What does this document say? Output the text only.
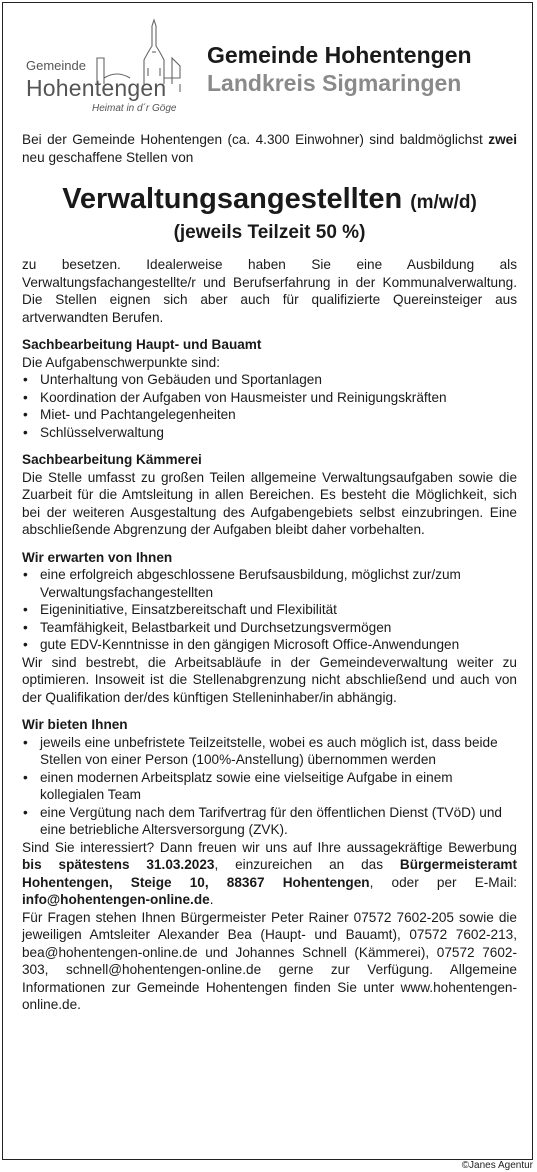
Gemeinde
Hohentengen
Heimat in d´r Göge
Gemeinde Hohentengen
Landkreis Sigmaringen

Bei der Gemeinde Hohentengen (ca. 4.300 Einwohner) sind baldmöglichst zwei neu geschaffene Stellen von

Verwaltungsangestellten (m/w/d)
(jeweils Teilzeit 50 %)

zu besetzen. Idealerweise haben Sie eine Ausbildung als Verwaltungsfachangestellte/r und Berufserfahrung in der Kommunalverwaltung. Die Stellen eignen sich aber auch für qualifizierte Quereinsteiger aus artverwandten Berufen.

Sachbearbeitung Haupt- und Bauamt

Die Aufgabenschwerpunkte sind:

• Unterhaltung von Gebäuden und Sportanlagen
• Koordination der Aufgaben von Hausmeister und Reinigungskräften
• Miet- und Pachtangelegenheiten
• Schlüsselverwaltung
Sachbearbeitung Kämmerei

Die Stelle umfasst zu großen Teilen allgemeine Verwaltungsaufgaben sowie die Zuarbeit für die Amtsleitung in allen Bereichen. Es besteht die Möglichkeit, sich bei der weiteren Ausgestaltung des Aufgabengebiets selbst einzubringen. Eine abschließende Abgrenzung der Aufgaben bleibt daher vorbehalten.

Wir erwarten von Ihnen
• eine erfolgreich abgeschlossene Berufsausbildung, möglichst zur/zum Verwaltungsfachangestellten
• Eigeninitiative, Einsatzbereitschaft und Flexibilität
• Teamfähigkeit, Belastbarkeit und Durchsetzungsvermögen
• gute EDV-Kenntnisse in den gängigen Microsoft Office-Anwendungen

Wir sind bestrebt, die Arbeitsabläufe in der Gemeindeverwaltung weiter zu optimieren. Insoweit ist die Stellenabgrenzung nicht abschließend und auch von der Qualifikation der/des künftigen Stelleninhaber/in abhängig.

Wir bieten Ihnen
• jeweils eine unbefristete Teilzeitstelle, wobei es auch möglich ist, dass beide Stellen von einer Person (100%-Anstellung) übernommen werden
• einen modernen Arbeitsplatz sowie eine vielseitige Aufgabe in einem kollegialen Team
• eine Vergütung nach dem Tarifvertrag für den öffentlichen Dienst (TVöD) und eine betriebliche Altersversorgung (ZVK).

Sind Sie interessiert? Dann freuen wir uns auf Ihre aussagekräftige Bewerbung bis spätestens 31.03.2023, einzureichen an das Bürgermeisteramt Hohentengen, Steige 10, 88367 Hohentengen, oder per E-Mail: info@hohentengen-online.de.

Für Fragen stehen Ihnen Bürgermeister Peter Rainer 07572 7602-205 sowie die jeweiligen Amtsleiter Alexander Bea (Haupt- und Bauamt), 07572 7602-213, bea@hohentengen-online.de und Johannes Schnell (Kämmerei), 07572 7602-303, schnell@hohentengen-online.de gerne zur Verfügung. Allgemeine Informationen zur Gemeinde Hohentengen finden Sie unter www.hohentengen-online.de.

©Janes Agentur
